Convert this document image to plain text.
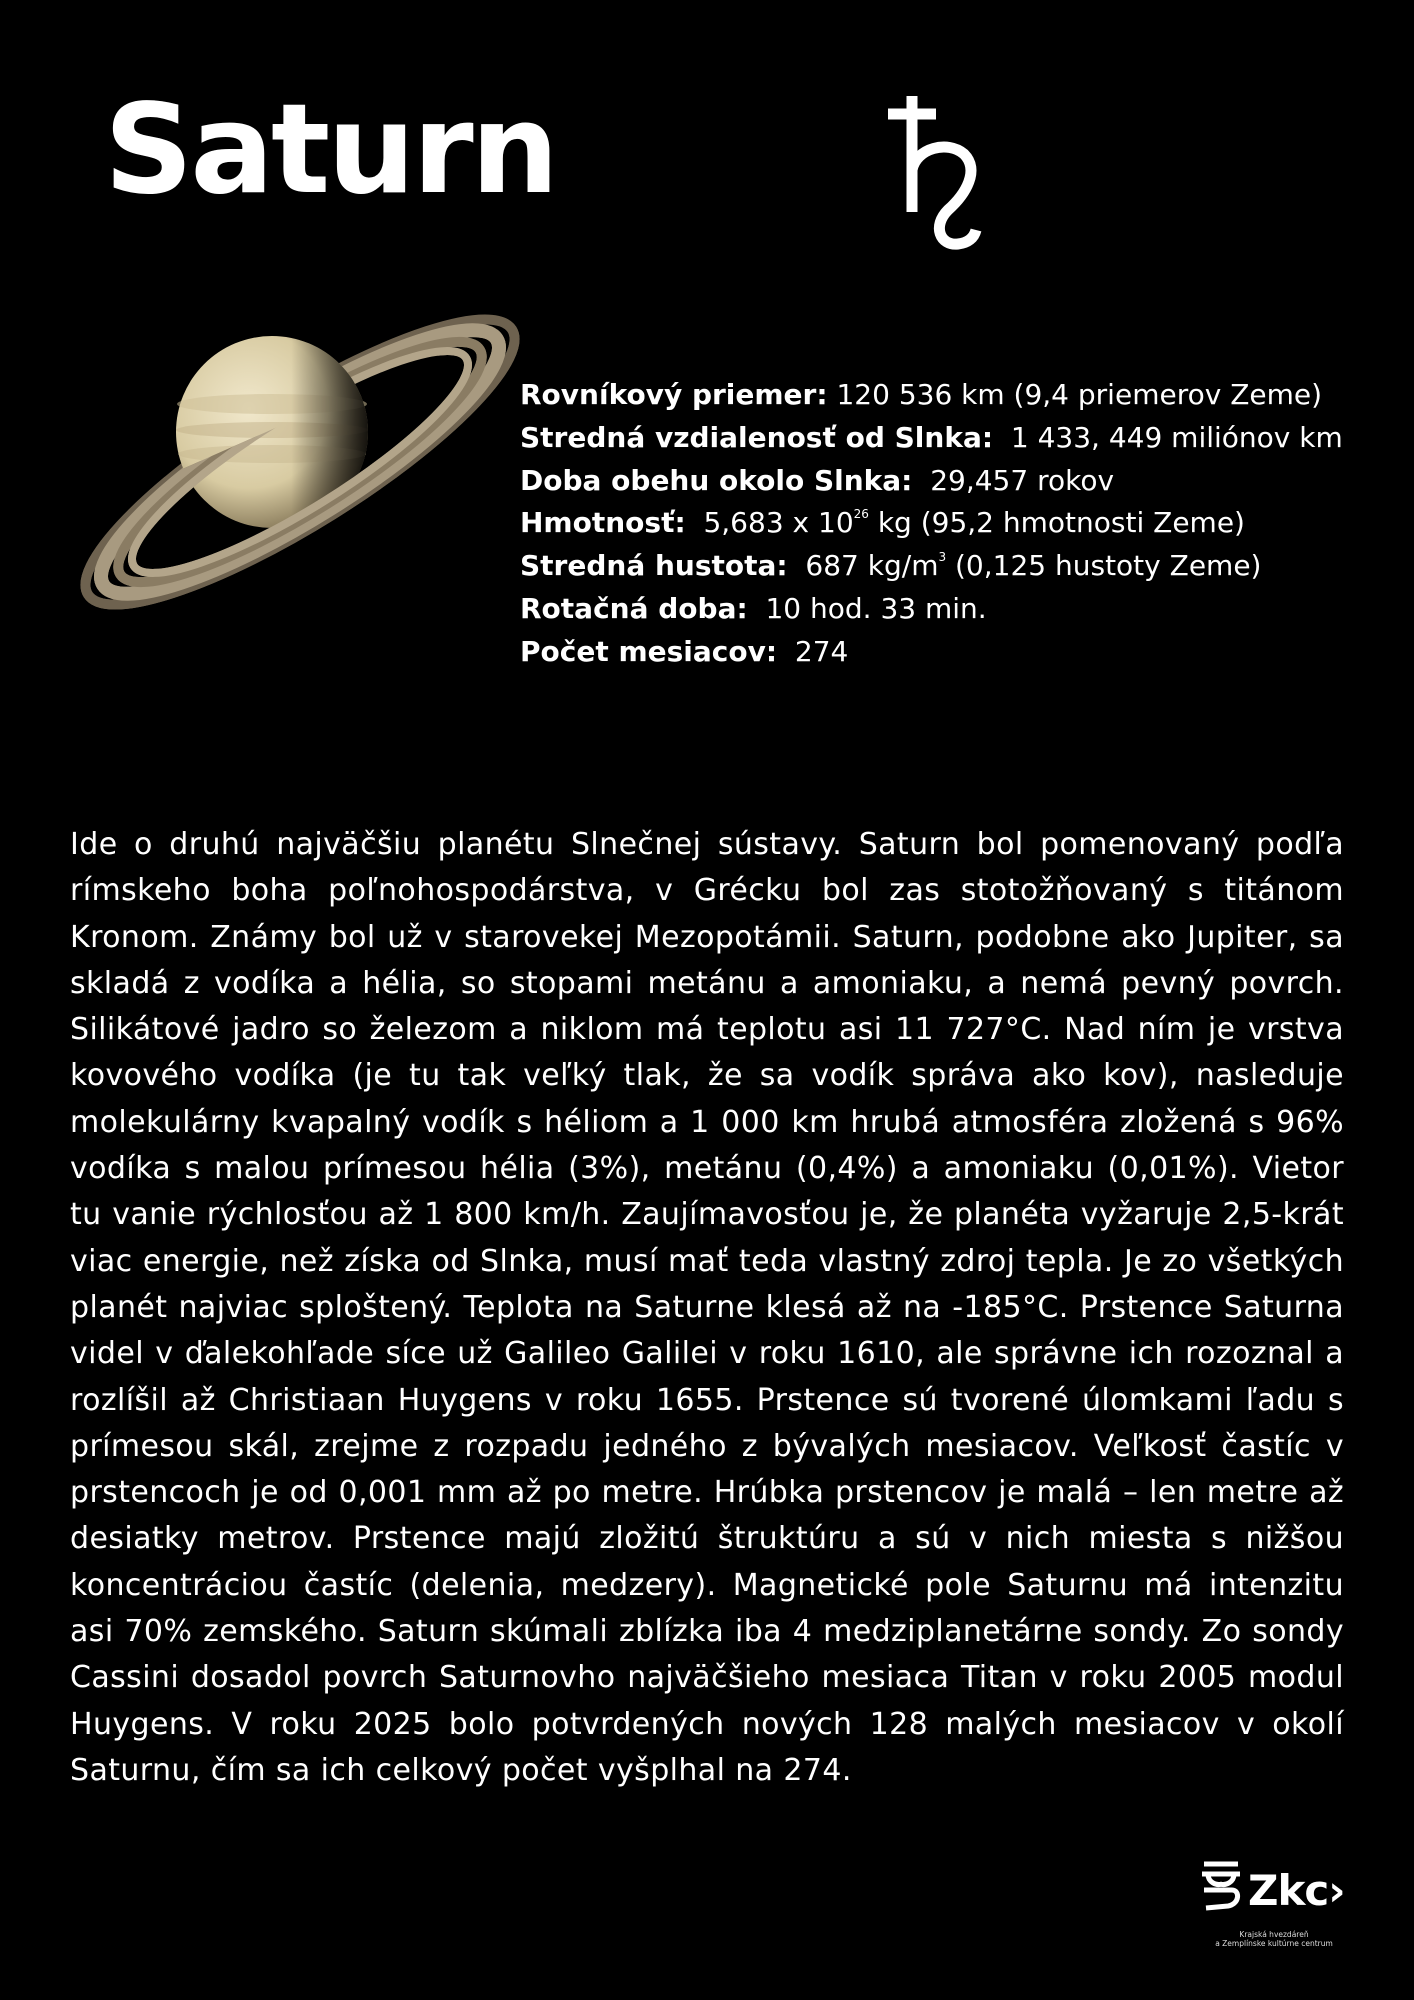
Saturn
Rovníkový priemer: 120 536 km (9,4 priemerov Zeme)
Stredná vzdialenosť od Slnka: 1 433, 449 miliónov km
Doba obehu okolo Slnka: 29,457 rokov
Hmotnosť: 5,683 x $10^{26}$ kg (95,2 hmotnosti Zeme)
Stredná hustota: 687 $kg/m^3$ (0,125 hustoty Zeme)
Rotačná doba: 10 hod. 33 min.
Počet mesiacov: 274

Ide o druhú najväčšiu planétu Slnečnej sústavy. Saturn bol pomenovaný podľa rímskeho boha poľnohospodárstva, v Grécku bol zas stotožňovaný s titánom Kronom. Známy bol už v starovekej Mezopotámii. Saturn, podobne ako Jupiter, sa skladá z vodíka a hélia, so stopami metánu a amoniaku, a nemá pevný povrch. Silikátové jadro so železom a niklom má teplotu asi 11 727°C. Nad ním je vrstva kovového vodíka (je tu tak veľký tlak, že sa vodík správa ako kov), nasleduje molekulárny kvapalný vodík s héliom a 1 000 km hrubá atmosféra zložená s 96% vodíka s malou prímesou hélia (3%), metánu (0,4%) a amoniaku (0,01%). Vietor tu vanie rýchlosťou až 1 800 km/h. Zaujímavosťou je, že planéta vyžaruje 2,5-krát viac energie, než získa od Slnka, musí mať teda vlastný zdroj tepla. Je zo všetkých planét najviac sploštený. Teplota na Saturne klesá až na -185°C. Prstence Saturna videl v ďalekohľade síce už Galileo Galilei v roku 1610, ale správne ich rozoznal a rozlíšil až Christiaan Huygens v roku 1655. Prstence sú tvorené úlomkami ľadu s prímesou skál, zrejme z rozpadu jedného z bývalých mesiacov. Veľkosť častíc v prstencoch je od 0,001 mm až po metre. Hrúbka prstencov je malá – len metre až desiatky metrov. Prstence majú zložitú štruktúru a sú v nich miesta s nižšou koncentráciou častíc (delenia, medzery). Magnetické pole Saturnu má intenzitu asi 70% zemského. Saturn skúmali zblízka iba 4 medziplanetárne sondy. Zo sondy Cassini dosadol povrch Saturnovho najväčšieho mesiaca Titan v roku 2005 modul Huygens. V roku 2025 bolo potvrdených nových 128 malých mesiacov v okolí Saturnu, čím sa ich celkový počet vyšplhal na 274.

Zkc›
Krajská hvezdáreň
a Zemplínske kultúrne centrum
